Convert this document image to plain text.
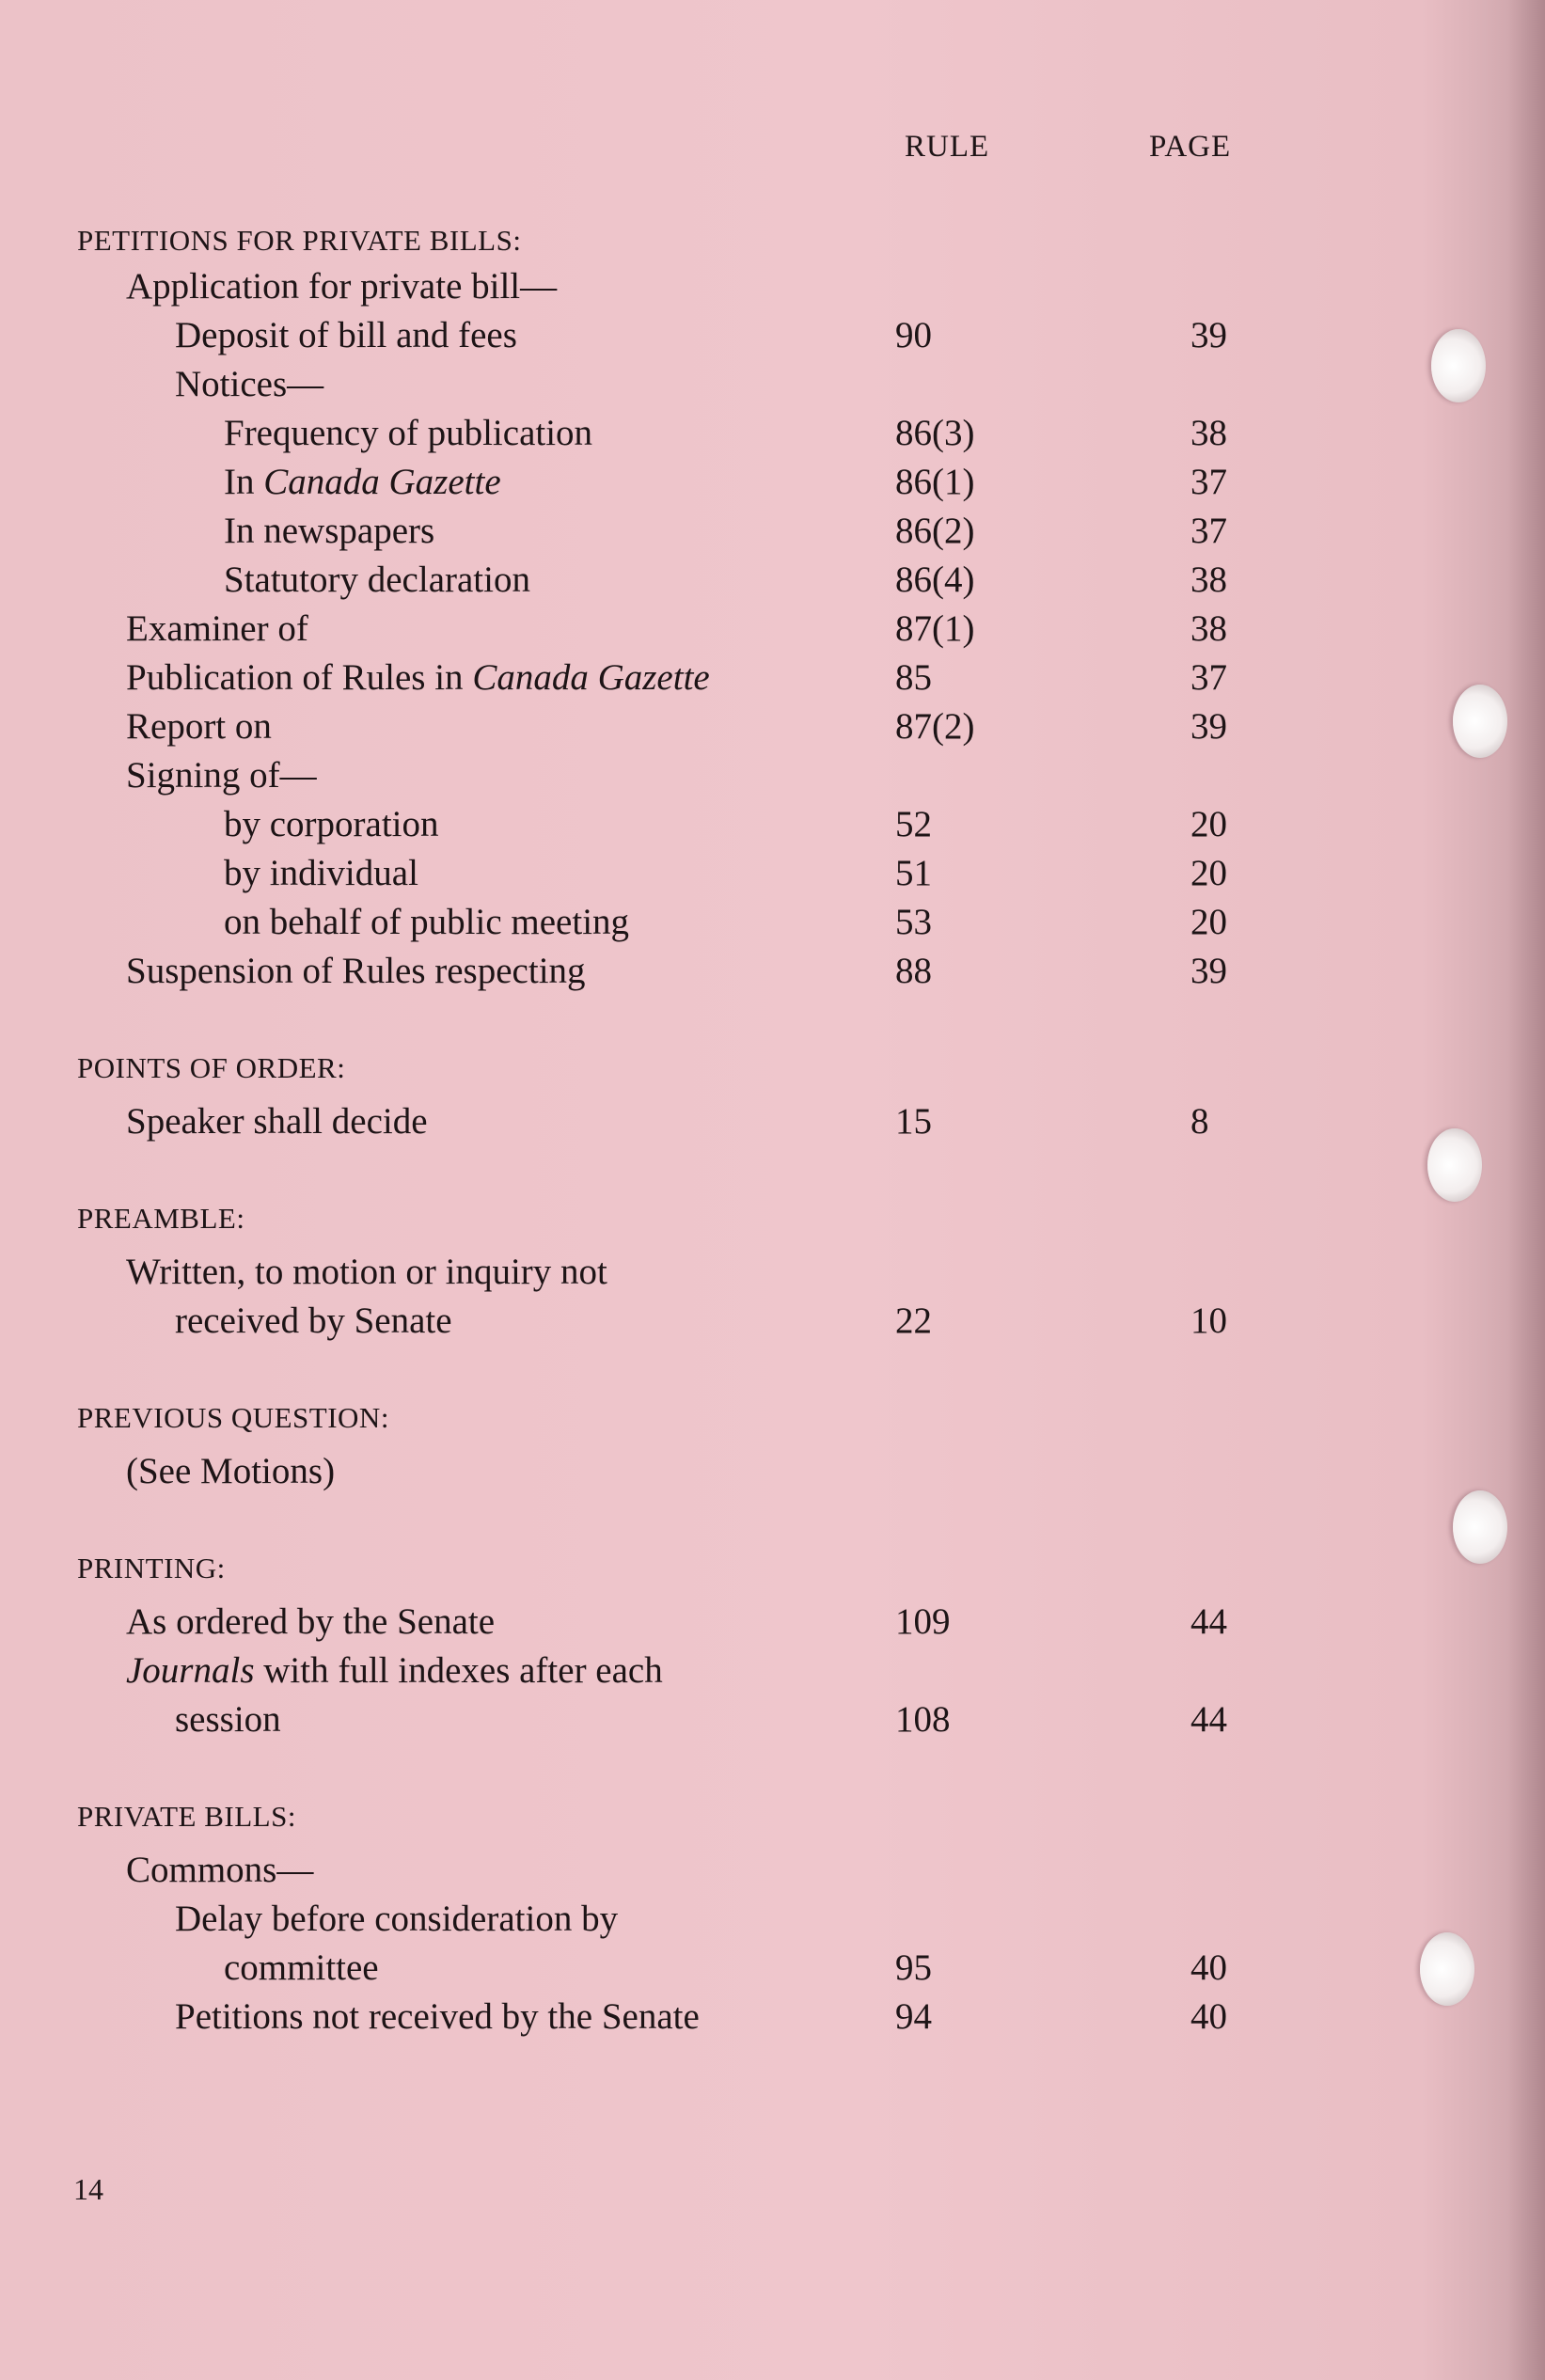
RULE	PAGE
PETITIONS FOR PRIVATE BILLS:
Application for private bill—
Deposit of bill and fees	90	39
Notices—
Frequency of publication	86(3)	38
In Canada Gazette	86(1)	37
In newspapers	86(2)	37
Statutory declaration	86(4)	38
Examiner of	87(1)	38
Publication of Rules in Canada Gazette	85	37
Report on	87(2)	39
Signing of—
by corporation	52	20
by individual	51	20
on behalf of public meeting	53	20
Suspension of Rules respecting	88	39
POINTS OF ORDER:
Speaker shall decide	15	8
PREAMBLE:
Written, to motion or inquiry not
received by Senate	22	10
PREVIOUS QUESTION:
(See Motions)
PRINTING:
As ordered by the Senate	109	44
Journals with full indexes after each
session	108	44
PRIVATE BILLS:
Commons—
Delay before consideration by
committee	95	40
Petitions not received by the Senate	94	40
14
